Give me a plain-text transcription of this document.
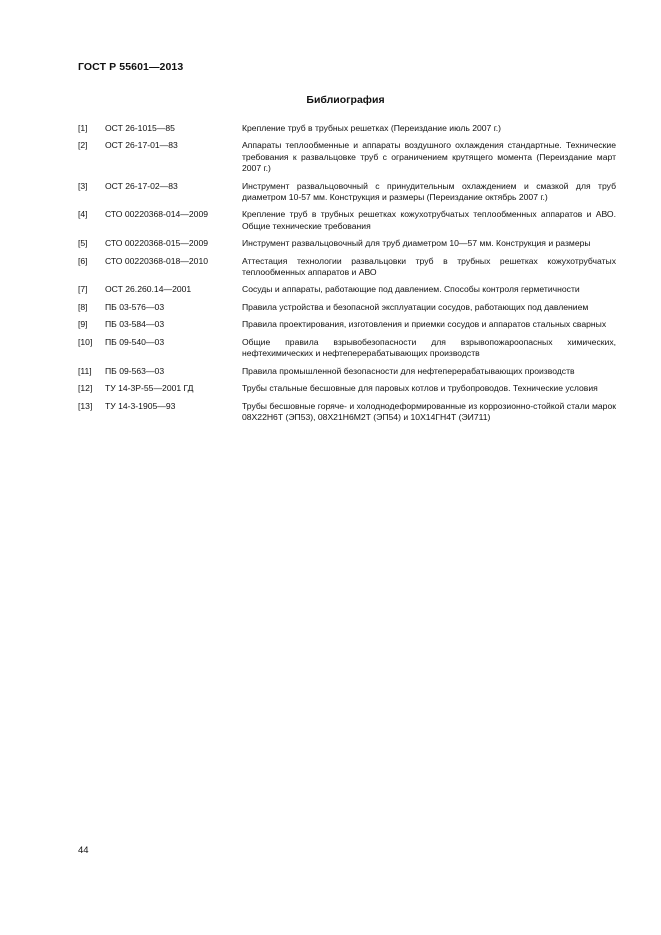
ГОСТ Р 55601—2013
Библиография
[1]	ОСТ 26-1015—85	Крепление труб в трубных решетках (Переиздание июль 2007 г.)
[2]	ОСТ 26-17-01—83	Аппараты теплообменные и аппараты воздушного охлаждения стандартные. Технические требования к развальцовке труб с ограничением крутящего момента (Переиздание март 2007 г.)
[3]	ОСТ 26-17-02—83	Инструмент развальцовочный с принудительным охлаждением и смазкой для труб диаметром 10-57 мм. Конструкция и размеры (Переиздание октябрь 2007 г.)
[4]	СТО 00220368-014—2009	Крепление труб в трубных решетках кожухотрубчатых теплообменных аппаратов и АВО. Общие технические требования
[5]	СТО 00220368-015—2009	Инструмент развальцовочный для труб диаметром 10—57 мм. Конструкция и размеры
[6]	СТО 00220368-018—2010	Аттестация технологии развальцовки труб в трубных решетках кожухотрубчатых теплообменных аппаратов и АВО
[7]	ОСТ 26.260.14—2001	Сосуды и аппараты, работающие под давлением. Способы контроля герметичности
[8]	ПБ 03-576—03	Правила устройства и безопасной эксплуатации сосудов, работающих под давлением
[9]	ПБ 03-584—03	Правила проектирования, изготовления и приемки сосудов и аппаратов стальных сварных
[10]	ПБ 09-540—03	Общие правила взрывобезопасности для взрывопожароопасных химических, нефтехимических и нефтеперерабатывающих производств
[11]	ПБ 09-563—03	Правила промышленной безопасности для нефтеперерабатывающих производств
[12]	ТУ 14-3Р-55—2001 ГД	Трубы стальные бесшовные для паровых котлов и трубопроводов. Технические условия
[13]	ТУ 14-3-1905—93	Трубы бесшовные горяче- и холоднодеформированные из коррозионно-стойкой стали марок 08Х22Н6Т (ЭП53), 08Х21Н6М2Т (ЭП54) и 10Х14ГН4Т (ЭИ711)
44
